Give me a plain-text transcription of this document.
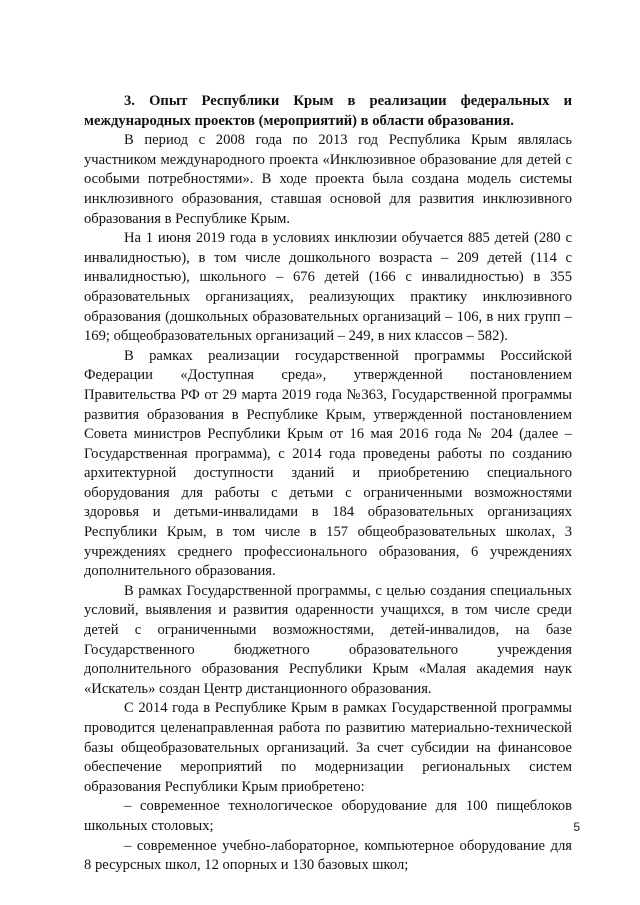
3. Опыт Республики Крым в реализации федеральных и международных проектов (мероприятий) в области образования.

В период с 2008 года по 2013 год Республика Крым являлась участником международного проекта «Инклюзивное образование для детей с особыми потребностями». В ходе проекта была создана модель системы инклюзивного образования, ставшая основой для развития инклюзивного образования в Республике Крым.

На 1 июня 2019 года в условиях инклюзии обучается 885 детей (280 с инвалидностью), в том числе дошкольного возраста – 209 детей (114 с инвалидностью), школьного – 676 детей (166 с инвалидностью) в 355 образовательных организациях, реализующих практику инклюзивного образования (дошкольных образовательных организаций – 106, в них групп – 169; общеобразовательных организаций – 249, в них классов – 582).

В рамках реализации государственной программы Российской Федерации «Доступная среда», утвержденной постановлением Правительства РФ от 29 марта 2019 года №363, Государственной программы развития образования в Республике Крым, утвержденной постановлением Совета министров Республики Крым от 16 мая 2016 года № 204 (далее – Государственная программа), с 2014 года проведены работы по созданию архитектурной доступности зданий и приобретению специального оборудования для работы с детьми с ограниченными возможностями здоровья и детьми-инвалидами в 184 образовательных организациях Республики Крым, в том числе в 157 общеобразовательных школах, 3 учреждениях среднего профессионального образования, 6 учреждениях дополнительного образования.

В рамках Государственной программы, с целью создания специальных условий, выявления и развития одаренности учащихся, в том числе среди детей с ограниченными возможностями, детей-инвалидов, на базе Государственного бюджетного образовательного учреждения дополнительного образования Республики Крым «Малая академия наук «Искатель» создан Центр дистанционного образования.

С 2014 года в Республике Крым в рамках Государственной программы проводится целенаправленная работа по развитию материально-технической базы общеобразовательных организаций. За счет субсидии на финансовое обеспечение мероприятий по модернизации региональных систем образования Республики Крым приобретено:

– современное технологическое оборудование для 100 пищеблоков школьных столовых;

– современное учебно-лабораторное, компьютерное оборудование для 8 ресурсных школ, 12 опорных и 130 базовых школ;

5
